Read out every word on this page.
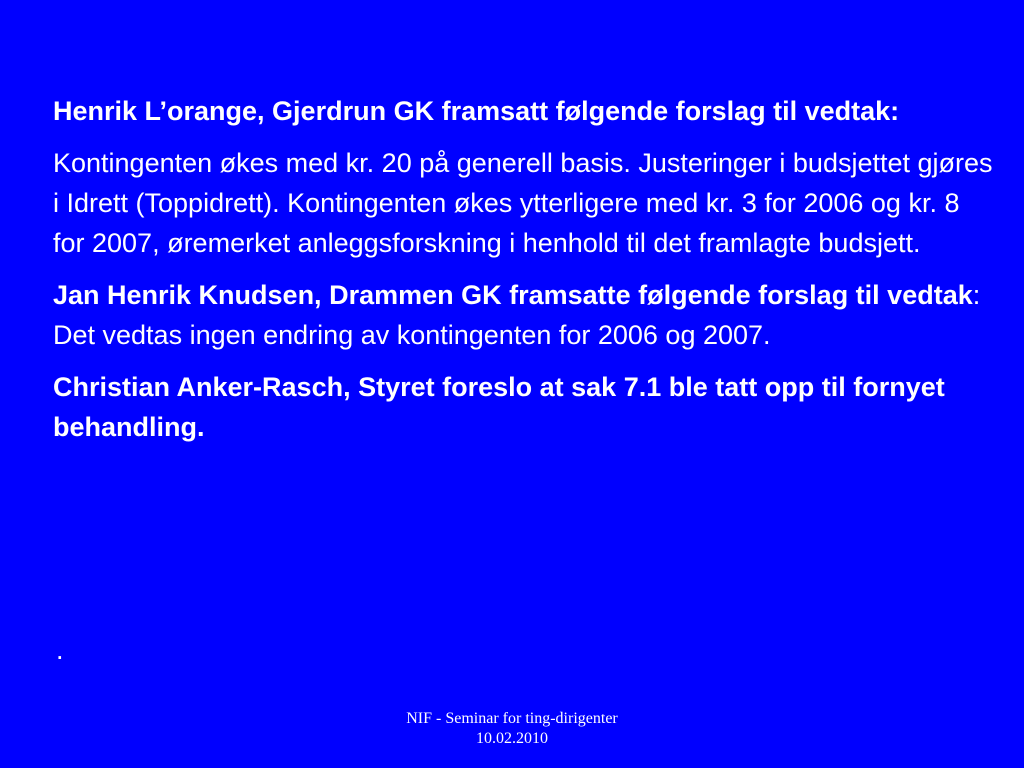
Henrik L’orange, Gjerdrun GK framsatt følgende forslag til vedtak:

Kontingenten økes med kr. 20 på generell basis. Justeringer i budsjettet gjøres i Idrett (Toppidrett). Kontingenten økes ytterligere med kr. 3 for 2006 og kr. 8 for 2007, øremerket anleggsforskning i henhold til det framlagte budsjett.

Jan Henrik Knudsen, Drammen GK framsatte følgende forslag til vedtak: Det vedtas ingen endring av kontingenten for 2006 og 2007.

Christian Anker-Rasch, Styret foreslo at sak 7.1 ble tatt opp til fornyet behandling.

.
NIF - Seminar for ting-dirigenter
10.02.2010
